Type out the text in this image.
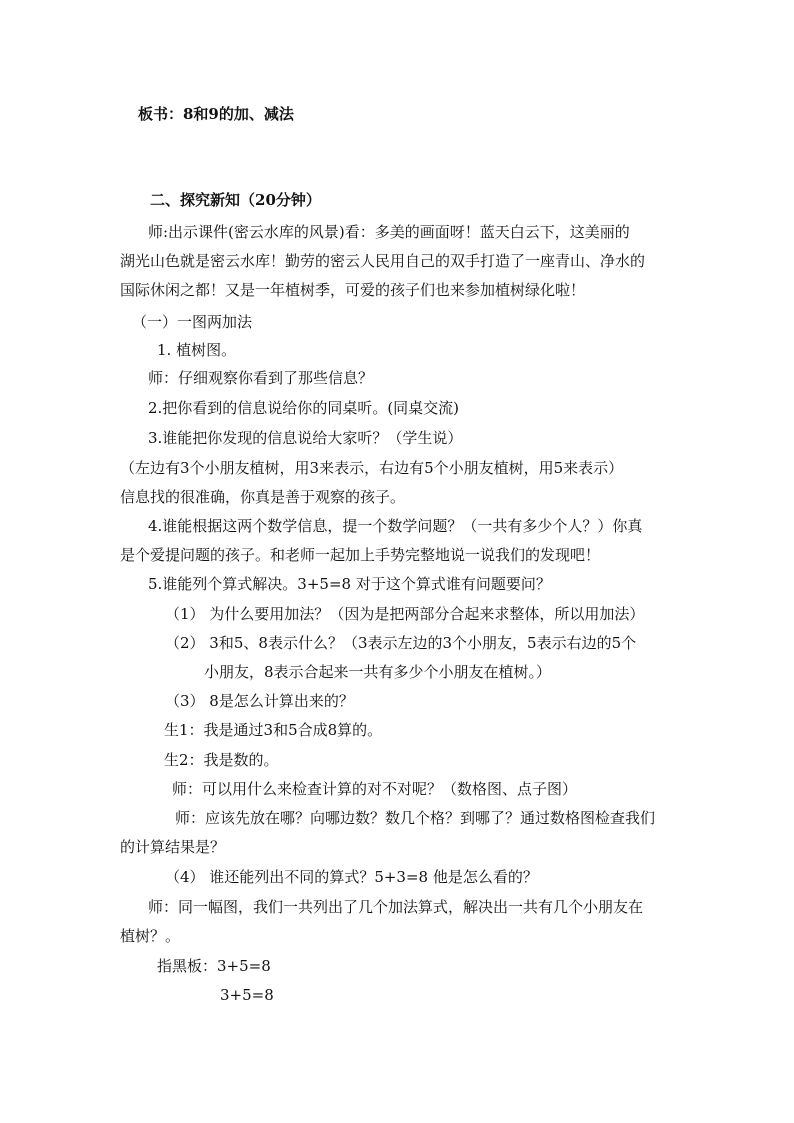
板书：8和9的加、减法
二、探究新知（20分钟）
师:出示课件(密云水库的风景)看：多美的画面呀！蓝天白云下，这美丽的
湖光山色就是密云水库！勤劳的密云人民用自己的双手打造了一座青山、净水的
国际休闲之都！又是一年植树季，可爱的孩子们也来参加植树绿化啦！
（一）一图两加法
1. 植树图。
师：仔细观察你看到了那些信息？
2.把你看到的信息说给你的同桌听。(同桌交流)
3.谁能把你发现的信息说给大家听？（学生说）
（左边有3个小朋友植树，用3来表示，右边有5个小朋友植树，用5来表示）
信息找的很准确，你真是善于观察的孩子。
4.谁能根据这两个数学信息，提一个数学问题？（一共有多少个人？）你真
是个爱提问题的孩子。和老师一起加上手势完整地说一说我们的发现吧！
5.谁能列个算式解决。3+5=8 对于这个算式谁有问题要问？
（1） 为什么要用加法？（因为是把两部分合起来求整体，所以用加法）
（2） 3和5、8表示什么？（3表示左边的3个小朋友，5表示右边的5个
小朋友，8表示合起来一共有多少个小朋友在植树。）
（3） 8是怎么计算出来的？
生1：我是通过3和5合成8算的。
生2：我是数的。
师：可以用什么来检查计算的对不对呢？（数格图、点子图）
师：应该先放在哪？向哪边数？数几个格？到哪了？通过数格图检查我们
的计算结果是？
（4） 谁还能列出不同的算式？5+3=8 他是怎么看的？
师：同一幅图，我们一共列出了几个加法算式，解决出一共有几个小朋友在
植树？。
指黑板：3+5=8
3+5=8
